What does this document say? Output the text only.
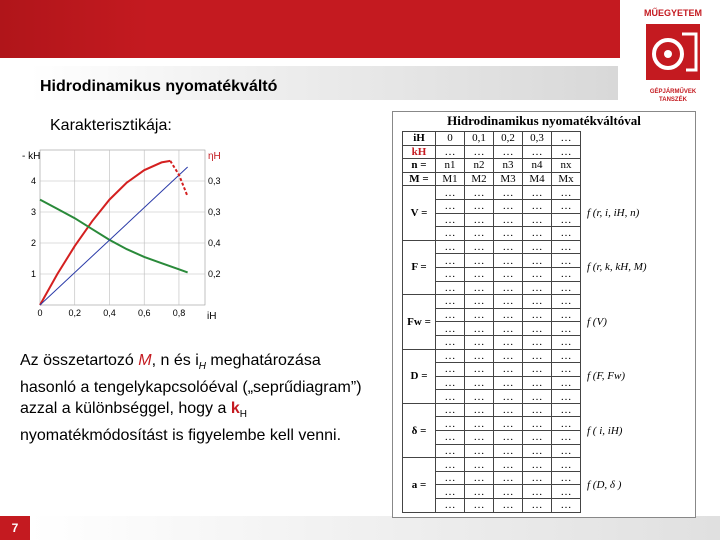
Hidrodinamikus nyomatékváltó
MŰEGYETEM
GÉPJÁRMŰVEK TANSZÉK
Karakterisztikája:
1
2
3
4
0,2
0,4
0,3
0,3
0	0,2 0,4 0,6 0,8
- kH	ηH
iH
Az összetartozó M, n és $i_H$ meghatározása hasonló a tengelykapcsolóéval („seprűdiagram”) azzal a különbséggel, hogy a $k_H$ nyomatékmódosítást is figyelembe kell venni.
7
Hidrodinamikus nyomatékváltóval
iH	0	0,1	0,2	0,3	…	
kH	…	…	…	…	…	
n =	n1	n2	n3	n4	nx	
M =	M1	M2	M3	M4	Mx	
V =	…	…	…	…	…	f (r, i, iH, n)
	…	…	…	…	…	
	…	…	…	…	…	
	…	…	…	…	…	
F =	…	…	…	…	…	f (r, k, kH, M)
	…	…	…	…	…	
	…	…	…	…	…	
	…	…	…	…	…	
Fw =	…	…	…	…	…	f (V)
	…	…	…	…	…	
	…	…	…	…	…	
	…	…	…	…	…	
D =	…	…	…	…	…	f (F, Fw)
	…	…	…	…	…	
	…	…	…	…	…	
	…	…	…	…	…	
δ =	…	…	…	…	…	f ( i, iH)
	…	…	…	…	…	
	…	…	…	…	…	
	…	…	…	…	…	
a =	…	…	…	…	…	f (D, δ )
	…	…	…	…	…	
	…	…	…	…	…	
	…	…	…	…	…	
